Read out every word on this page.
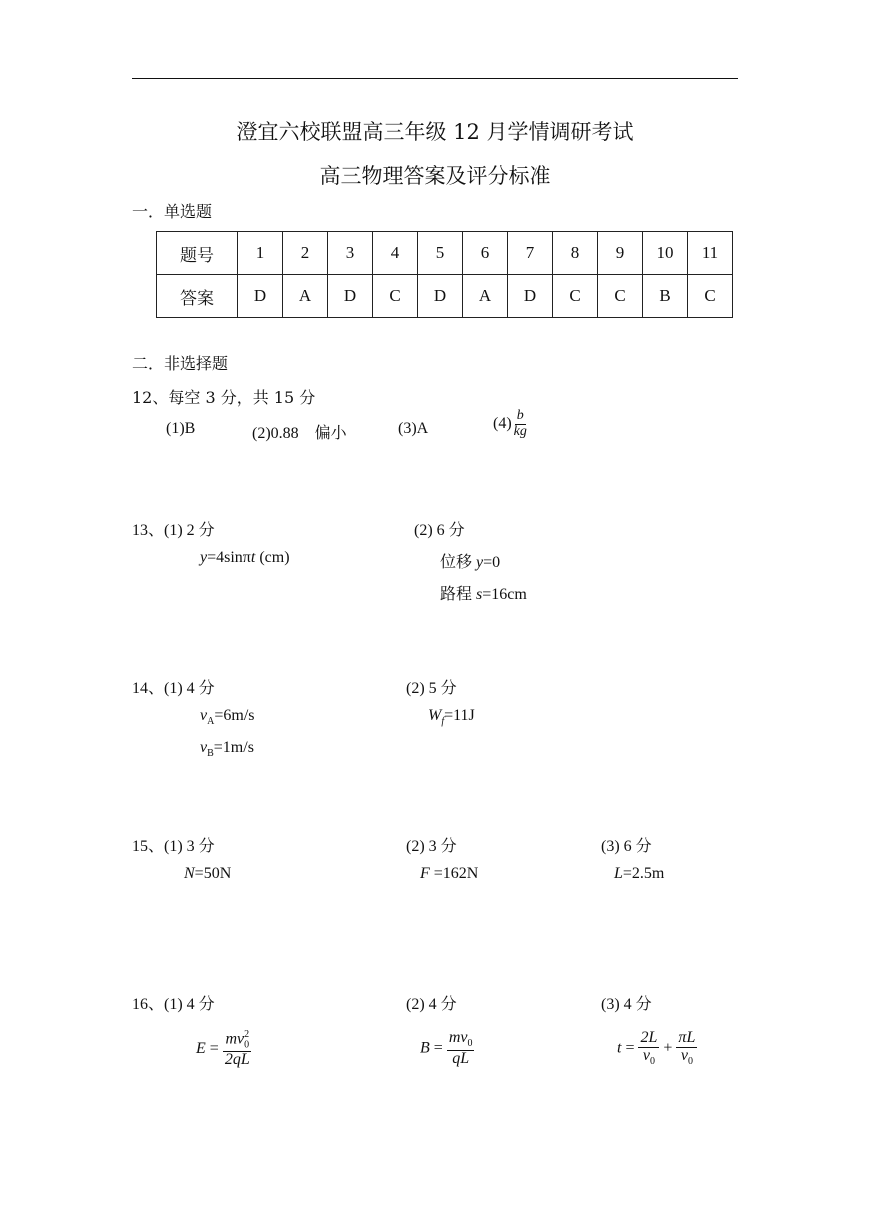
澄宜六校联盟高三年级 12 月学情调研考试
高三物理答案及评分标准
一．单选题
题号	1	2	3	4	5	6	7	8	9	10	11
答案	D	A	D	C	D	A	D	C	C	B	C
二．非选择题
12、每空 3 分，共 15 分
(1)B	(2)0.88　偏小	(3)A	$(4) \frac{b}{kg}$
13、(1) 2 分
y=4sinπt (cm)
(2) 6 分
位移 y=0
路程 s=16cm
14、(1) 4 分
$v_A=6m/s$
$v_B=1m/s$
(2) 5 分
$W_f=11J$
15、(1) 3 分
N=50N
(2) 3 分
F =162N
(3) 6 分
L=2.5m
16、(1) 4 分	(2) 4 分	(3) 4 分
$E = \frac{mv_0^2}{2qL}$	$B = \frac{mv_0}{qL}$	$t = \frac{2L}{v_0} + \frac{\pi L}{v_0}$
